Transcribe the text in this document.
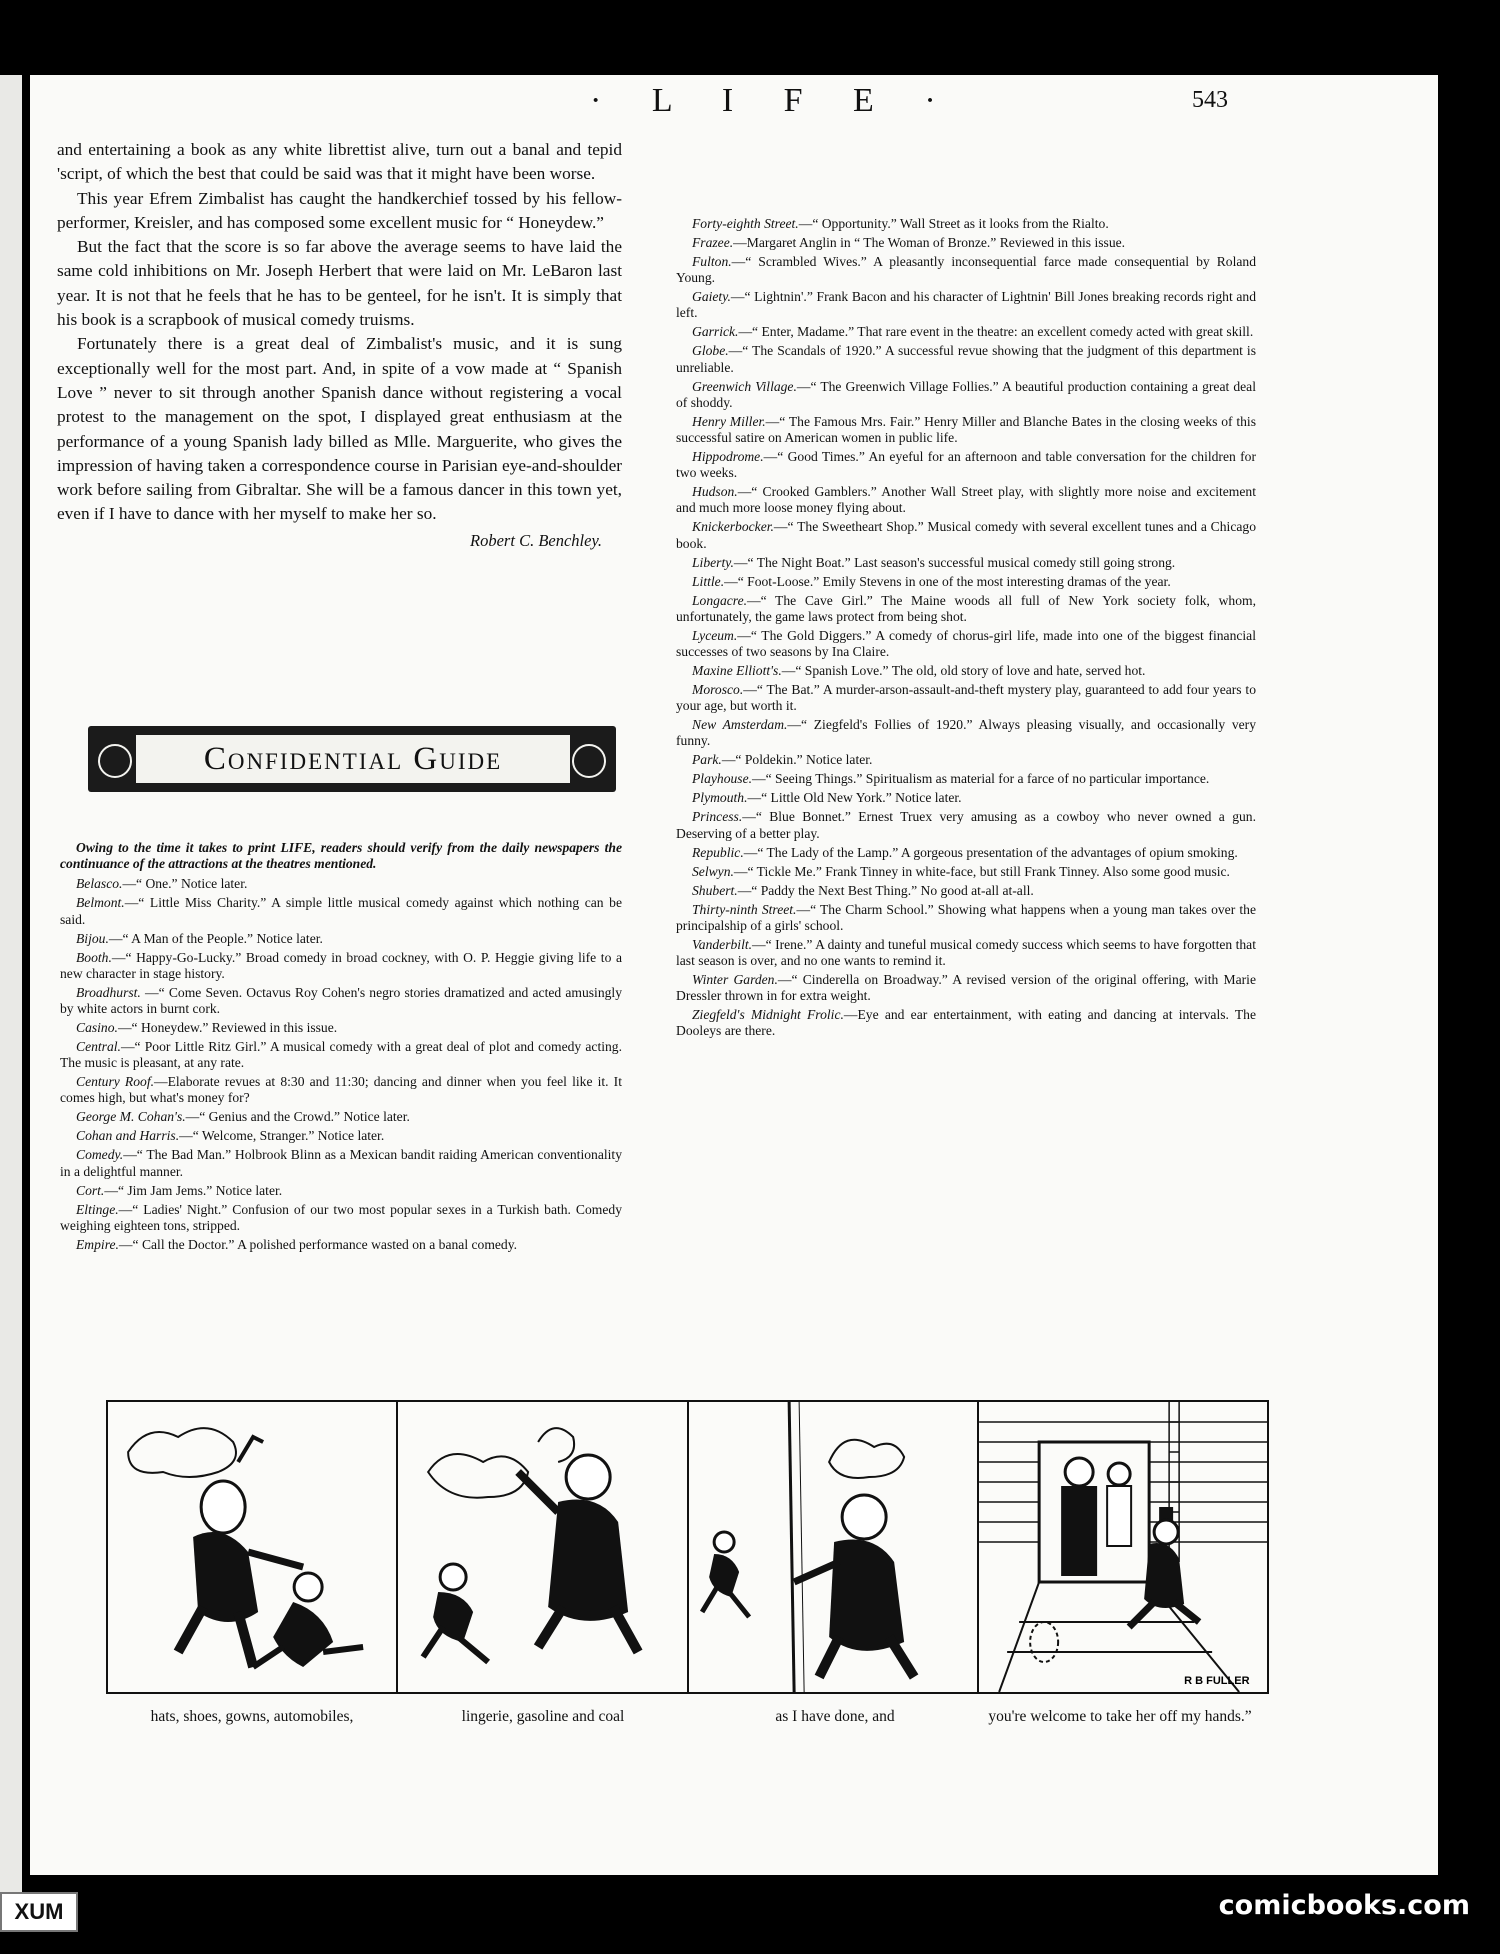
· L I F E ·	543

and entertaining a book as any white librettist alive, turn out a banal and tepid 'script, of which the best that could be said was that it might have been worse.

This year Efrem Zimbalist has caught the handkerchief tossed by his fellow-performer, Kreisler, and has composed some excellent music for “ Honeydew.”

But the fact that the score is so far above the average seems to have laid the same cold inhibitions on Mr. Joseph Herbert that were laid on Mr. LeBaron last year. It is not that he feels that he has to be genteel, for he isn't. It is simply that his book is a scrapbook of musical comedy truisms.

Fortunately there is a great deal of Zimbalist's music, and it is sung exceptionally well for the most part. And, in spite of a vow made at “ Spanish Love ” never to sit through another Spanish dance without registering a vocal protest to the management on the spot, I displayed great enthusiasm at the performance of a young Spanish lady billed as Mlle. Marguerite, who gives the impression of having taken a correspondence course in Parisian eye-and-shoulder work before sailing from Gibraltar. She will be a famous dancer in this town yet, even if I have to dance with her myself to make her so.

Robert C. Benchley.
Confidential Guide
Owing to the time it takes to print LIFE, readers should verify from the daily newspapers the continuance of the attractions at the theatres mentioned.

Belasco.—“ One.” Notice later.

Belmont.—“ Little Miss Charity.” A simple little musical comedy against which nothing can be said.

Bijou.—“ A Man of the People.” Notice later.

Booth.—“ Happy-Go-Lucky.” Broad comedy in broad cockney, with O. P. Heggie giving life to a new character in stage history.

Broadhurst. —“ Come Seven. Octavus Roy Cohen's negro stories dramatized and acted amusingly by white actors in burnt cork.

Casino.—“ Honeydew.” Reviewed in this issue.

Central.—“ Poor Little Ritz Girl.” A musical comedy with a great deal of plot and comedy acting. The music is pleasant, at any rate.

Century Roof.—Elaborate revues at 8:30 and 11:30; dancing and dinner when you feel like it. It comes high, but what's money for?

George M. Cohan's.—“ Genius and the Crowd.” Notice later.

Cohan and Harris.—“ Welcome, Stranger.” Notice later.

Comedy.—“ The Bad Man.” Holbrook Blinn as a Mexican bandit raiding American conventionality in a delightful manner.

Cort.—“ Jim Jam Jems.” Notice later.

Eltinge.—“ Ladies' Night.” Confusion of our two most popular sexes in a Turkish bath. Comedy weighing eighteen tons, stripped.

Empire.—“ Call the Doctor.” A polished performance wasted on a banal comedy.

Forty-eighth Street.—“ Opportunity.” Wall Street as it looks from the Rialto.

Frazee.—Margaret Anglin in “ The Woman of Bronze.” Reviewed in this issue.

Fulton.—“ Scrambled Wives.” A pleasantly inconsequential farce made consequential by Roland Young.

Gaiety.—“ Lightnin'.” Frank Bacon and his character of Lightnin' Bill Jones breaking records right and left.

Garrick.—“ Enter, Madame.” That rare event in the theatre: an excellent comedy acted with great skill.

Globe.—“ The Scandals of 1920.” A successful revue showing that the judgment of this department is unreliable.

Greenwich Village.—“ The Greenwich Village Follies.” A beautiful production containing a great deal of shoddy.

Henry Miller.—“ The Famous Mrs. Fair.” Henry Miller and Blanche Bates in the closing weeks of this successful satire on American women in public life.

Hippodrome.—“ Good Times.” An eyeful for an afternoon and table conversation for the children for two weeks.

Hudson.—“ Crooked Gamblers.” Another Wall Street play, with slightly more noise and excitement and much more loose money flying about.

Knickerbocker.—“ The Sweetheart Shop.” Musical comedy with several excellent tunes and a Chicago book.

Liberty.—“ The Night Boat.” Last season's successful musical comedy still going strong.

Little.—“ Foot-Loose.” Emily Stevens in one of the most interesting dramas of the year.

Longacre.—“ The Cave Girl.” The Maine woods all full of New York society folk, whom, unfortunately, the game laws protect from being shot.

Lyceum.—“ The Gold Diggers.” A comedy of chorus-girl life, made into one of the biggest financial successes of two seasons by Ina Claire.

Maxine Elliott's.—“ Spanish Love.” The old, old story of love and hate, served hot.

Morosco.—“ The Bat.” A murder-arson-assault-and-theft mystery play, guaranteed to add four years to your age, but worth it.

New Amsterdam.—“ Ziegfeld's Follies of 1920.” Always pleasing visually, and occasionally very funny.

Park.—“ Poldekin.” Notice later.

Playhouse.—“ Seeing Things.” Spiritualism as material for a farce of no particular importance.

Plymouth.—“ Little Old New York.” Notice later.

Princess.—“ Blue Bonnet.” Ernest Truex very amusing as a cowboy who never owned a gun. Deserving of a better play.

Republic.—“ The Lady of the Lamp.” A gorgeous presentation of the advantages of opium smoking.

Selwyn.—“ Tickle Me.” Frank Tinney in white-face, but still Frank Tinney. Also some good music.

Shubert.—“ Paddy the Next Best Thing.” No good at-all at-all.

Thirty-ninth Street.—“ The Charm School.” Showing what happens when a young man takes over the principalship of a girls' school.

Vanderbilt.—“ Irene.” A dainty and tuneful musical comedy success which seems to have forgotten that last season is over, and no one wants to remind it.

Winter Garden.—“ Cinderella on Broadway.” A revised version of the original offering, with Marie Dressler thrown in for extra weight.

Ziegfeld's Midnight Frolic.—Eye and ear entertainment, with eating and dancing at intervals. The Dooleys are there.

R B FULLER
hats, shoes, gowns, automobiles,	lingerie, gasoline and coal	as I have done, and	you're welcome to take her off my hands.”
XUM	comicbooks.com
